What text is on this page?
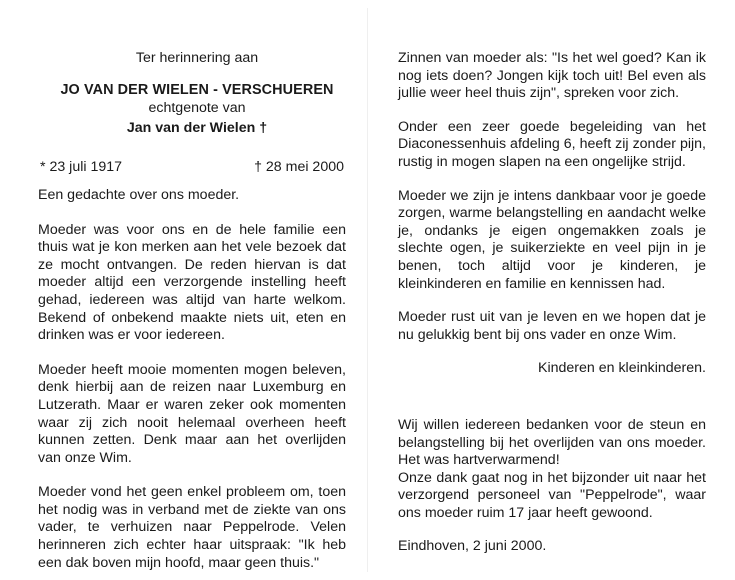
Ter herinnering aan

JO VAN DER WIELEN - VERSCHUEREN

echtgenote van

Jan van der Wielen †

* 23 juli 1917	† 28 mei 2000

Een gedachte over ons moeder.

Moeder was voor ons en de hele familie een thuis wat je kon merken aan het vele bezoek dat ze mocht ontvangen. De reden hiervan is dat moeder altijd een verzorgende instelling heeft gehad, iedereen was altijd van harte welkom. Bekend of onbekend maakte niets uit, eten en drinken was er voor iedereen.

Moeder heeft mooie momenten mogen beleven, denk hierbij aan de reizen naar Luxemburg en Lutzerath. Maar er waren zeker ook momenten waar zij zich nooit helemaal overheen heeft kunnen zetten. Denk maar aan het overlijden van onze Wim.

Moeder vond het geen enkel probleem om, toen het nodig was in verband met de ziekte van ons vader, te verhuizen naar Peppelrode. Velen herinneren zich echter haar uitspraak: "Ik heb een dak boven mijn hoofd, maar geen thuis."

Zinnen van moeder als: "Is het wel goed? Kan ik nog iets doen? Jongen kijk toch uit! Bel even als jullie weer heel thuis zijn", spreken voor zich.

Onder een zeer goede begeleiding van het Diaconessenhuis afdeling 6, heeft zij zonder pijn, rustig in mogen slapen na een ongelijke strijd.

Moeder we zijn je intens dankbaar voor je goede zorgen, warme belangstelling en aandacht welke je, ondanks je eigen ongemakken zoals je slechte ogen, je suikerziekte en veel pijn in je benen, toch altijd voor je kinderen, je kleinkinderen en familie en kennissen had.

Moeder rust uit van je leven en we hopen dat je nu gelukkig bent bij ons vader en onze Wim.

Kinderen en kleinkinderen.

Wij willen iedereen bedanken voor de steun en belangstelling bij het overlijden van ons moeder. Het was hartverwarmend!

Onze dank gaat nog in het bijzonder uit naar het verzorgend personeel van "Peppelrode", waar ons moeder ruim 17 jaar heeft gewoond.

Eindhoven, 2 juni 2000.
